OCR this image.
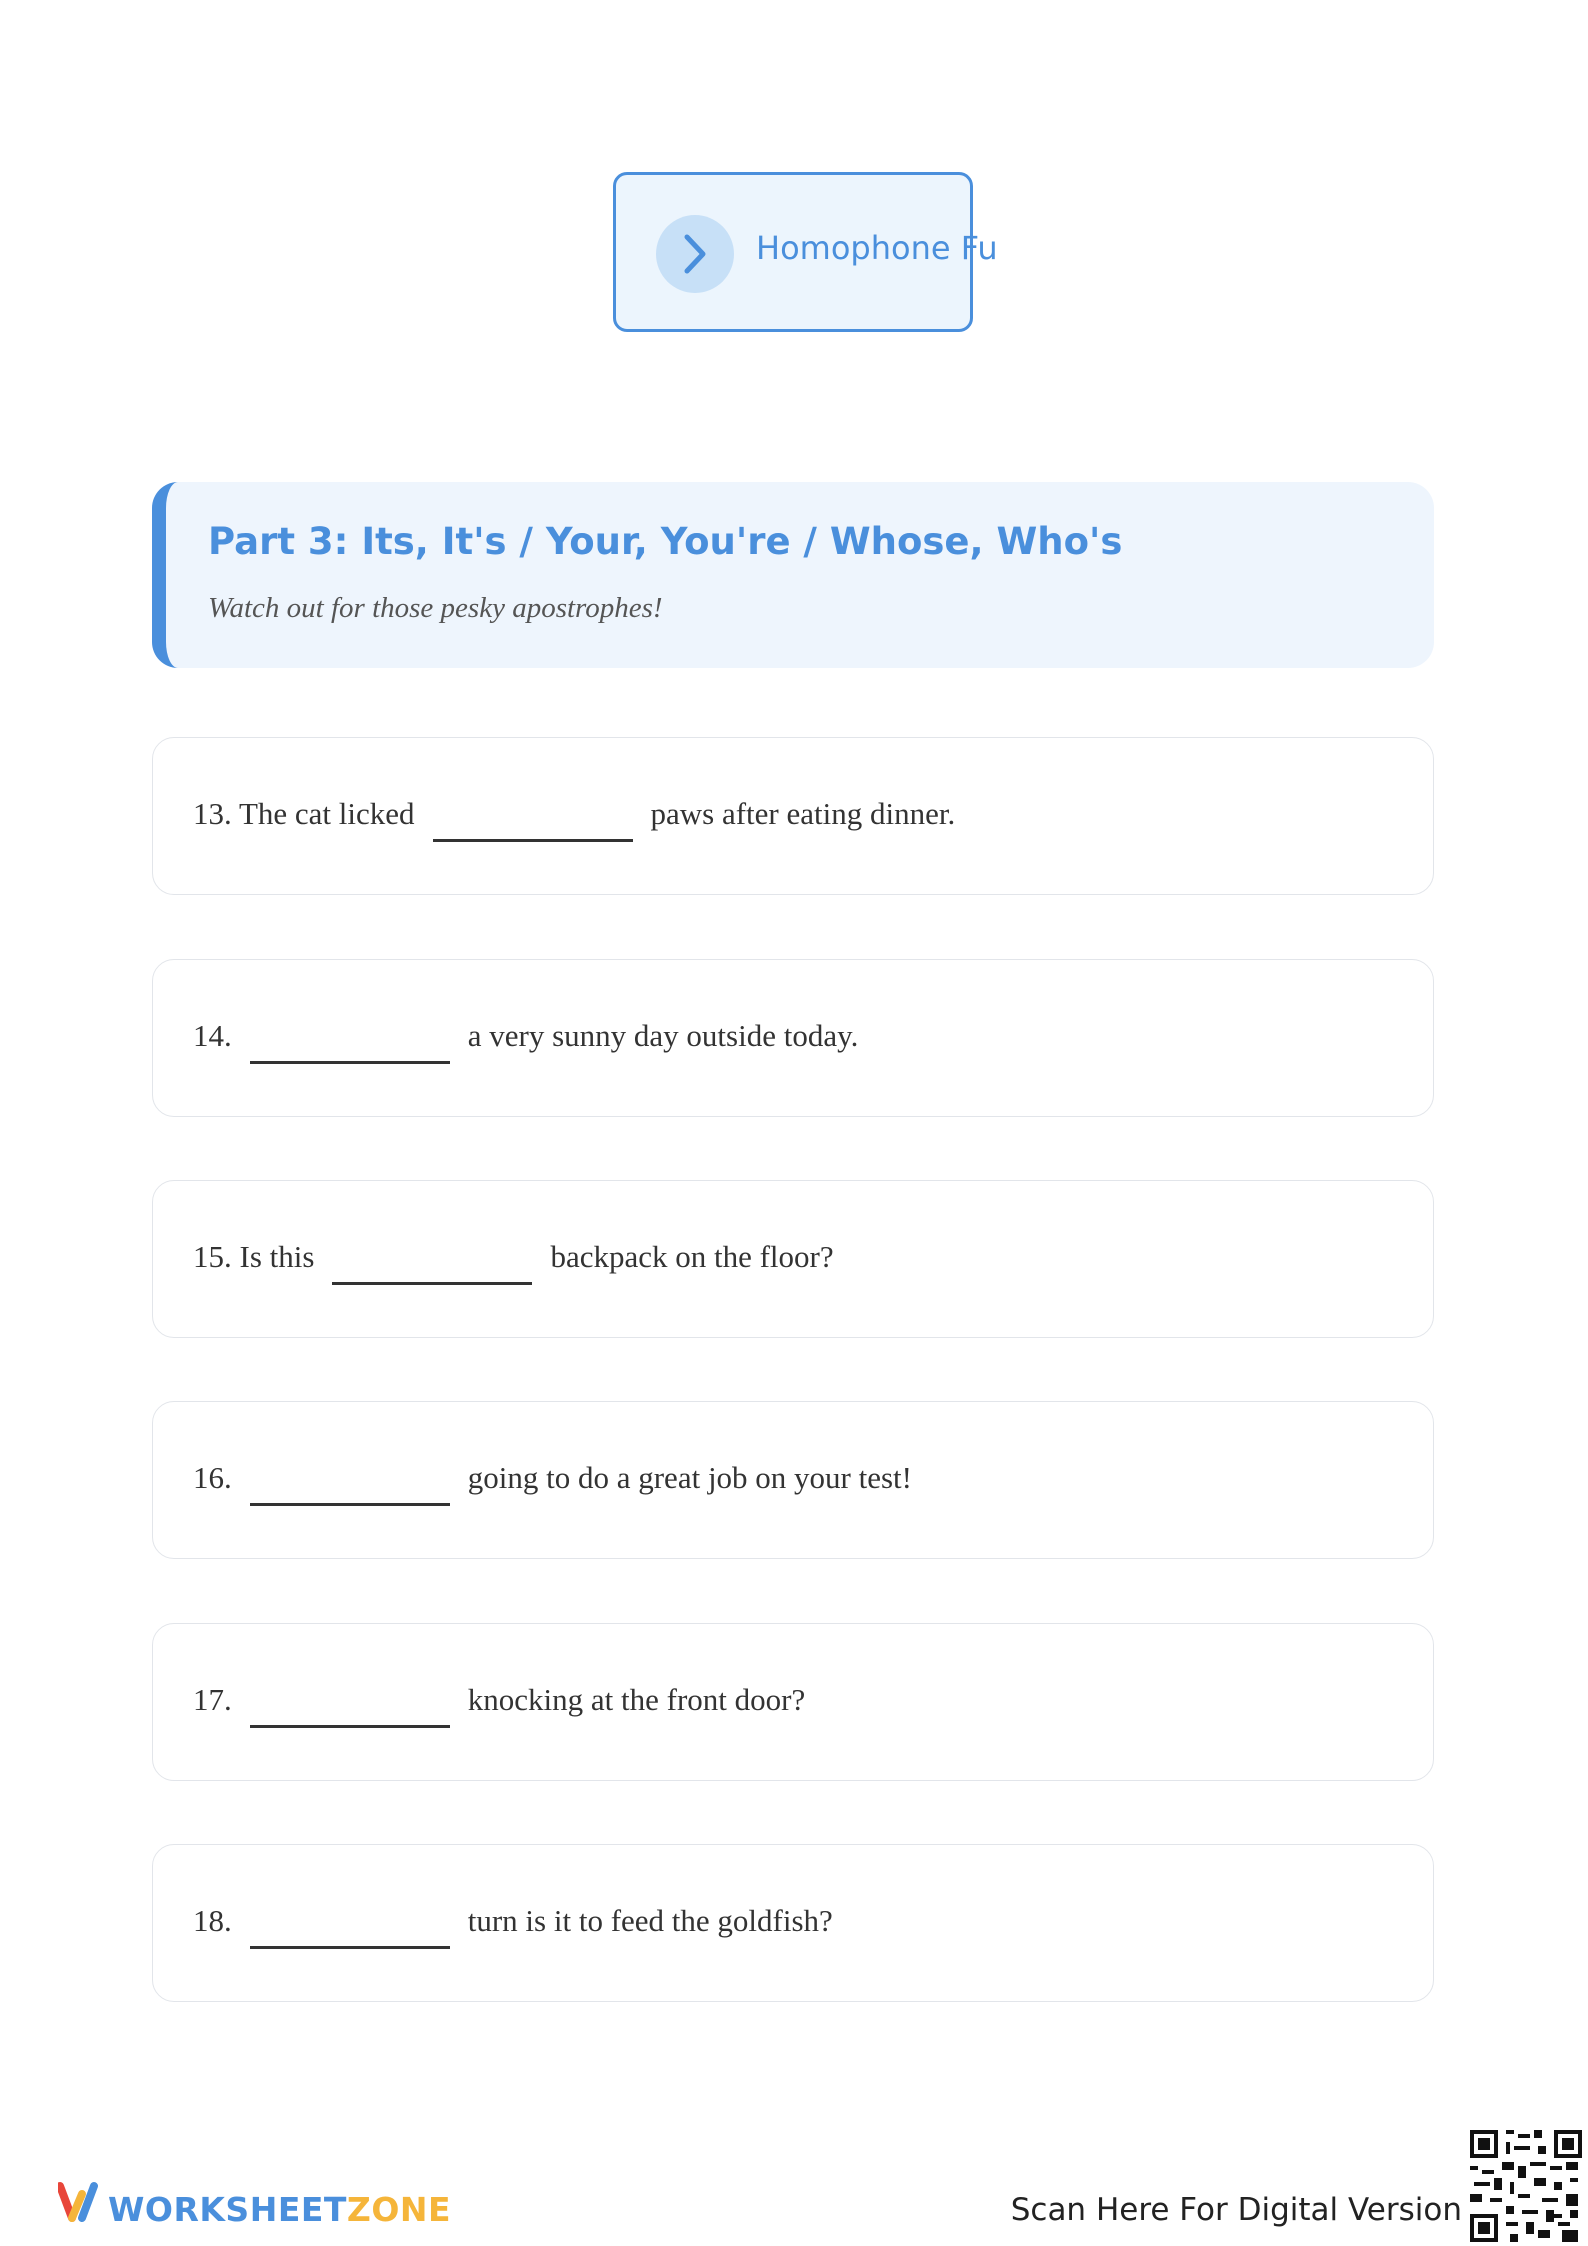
Homophone Fu
Part 3: Its, It's / Your, You're / Whose, Who's
Watch out for those pesky apostrophes!
13. The cat licked	paws after eating dinner.
14.	a very sunny day outside today.
15. Is this	backpack on the floor?
16.	going to do a great job on your test!
17.	knocking at the front door?
18.	turn is it to feed the goldfish?
WORKSHEETZONE	Scan Here For Digital Version
